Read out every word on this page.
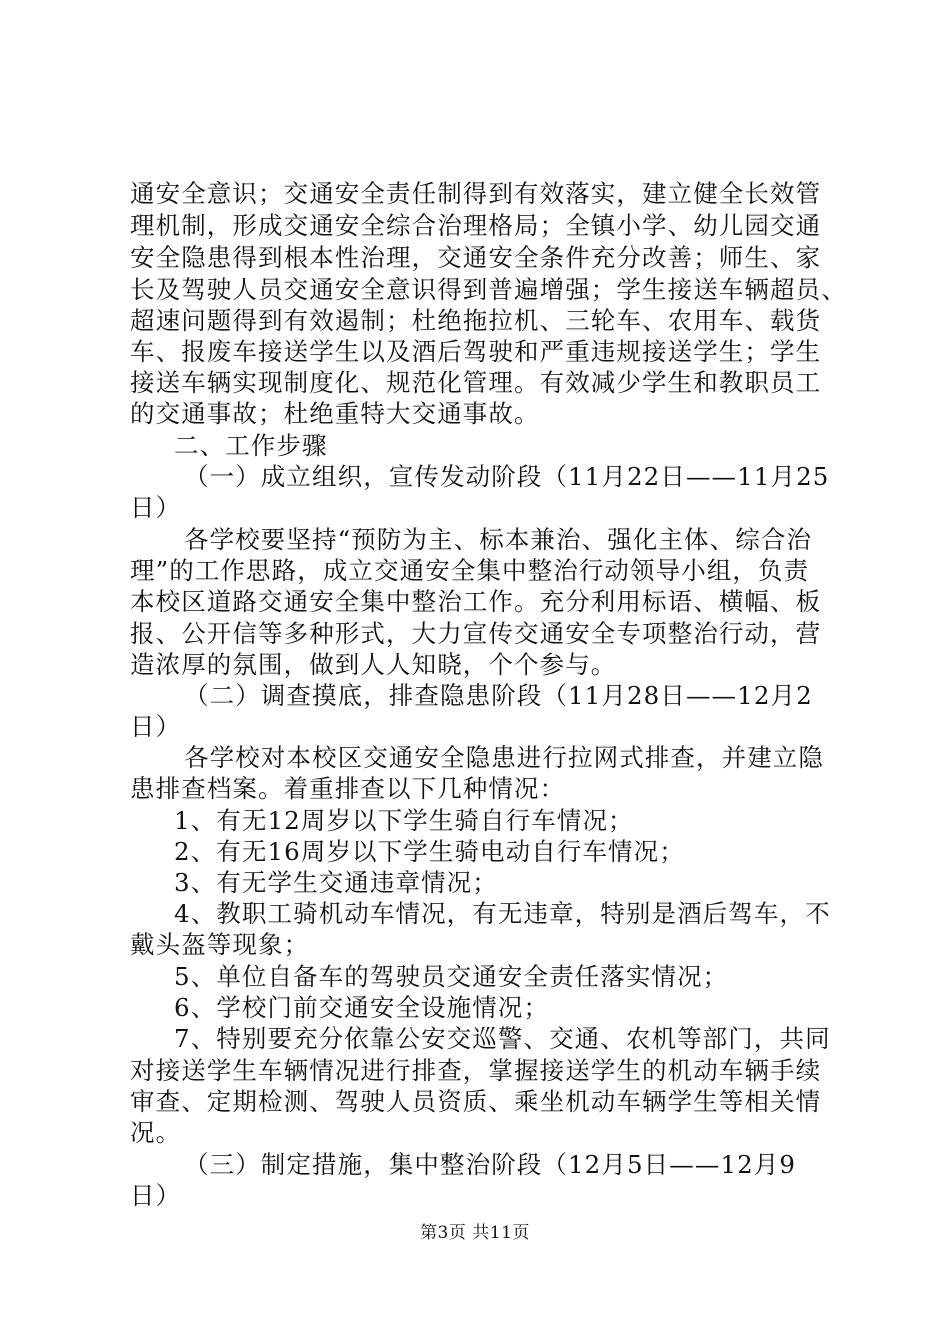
通安全意识；交通安全责任制得到有效落实，建立健全长效管
理机制，形成交通安全综合治理格局；全镇小学、幼儿园交通
安全隐患得到根本性治理，交通安全条件充分改善；师生、家
长及驾驶人员交通安全意识得到普遍增强；学生接送车辆超员、
超速问题得到有效遏制；杜绝拖拉机、三轮车、农用车、载货
车、报废车接送学生以及酒后驾驶和严重违规接送学生；学生
接送车辆实现制度化、规范化管理。有效减少学生和教职员工
的交通事故；杜绝重特大交通事故。
二、工作步骤
（一）成立组织，宣传发动阶段（11月22日——11月25
日）
各学校要坚持“预防为主、标本兼治、强化主体、综合治
理”的工作思路，成立交通安全集中整治行动领导小组，负责
本校区道路交通安全集中整治工作。充分利用标语、横幅、板
报、公开信等多种形式，大力宣传交通安全专项整治行动，营
造浓厚的氛围，做到人人知晓，个个参与。
（二）调查摸底，排查隐患阶段（11月28日——12月2
日）
各学校对本校区交通安全隐患进行拉网式排查，并建立隐
患排查档案。着重排查以下几种情况：
1、有无12周岁以下学生骑自行车情况；
2、有无16周岁以下学生骑电动自行车情况；
3、有无学生交通违章情况；
4、教职工骑机动车情况，有无违章，特别是酒后驾车，不
戴头盔等现象；
5、单位自备车的驾驶员交通安全责任落实情况；
6、学校门前交通安全设施情况；
7、特别要充分依靠公安交巡警、交通、农机等部门，共同
对接送学生车辆情况进行排查，掌握接送学生的机动车辆手续
审查、定期检测、驾驶人员资质、乘坐机动车辆学生等相关情
况。
（三）制定措施，集中整治阶段（12月5日——12月9
日）
第3页 共11页
